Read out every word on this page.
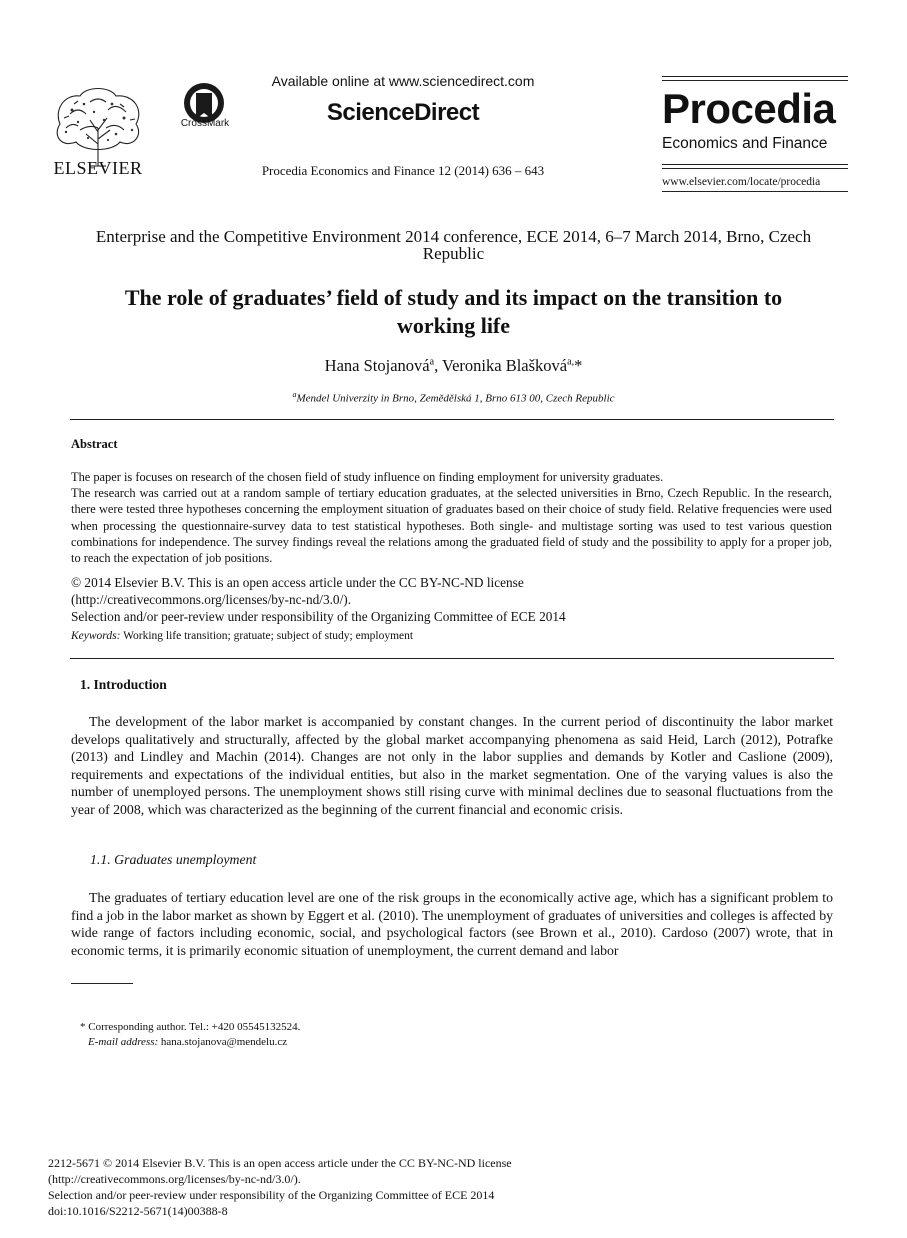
ELSEVIER
CrossMark
Available online at www.sciencedirect.com
ScienceDirect
Procedia Economics and Finance 12 (2014) 636 – 643
Procedia
Economics and Finance
www.elsevier.com/locate/procedia
Enterprise and the Competitive Environment 2014 conference, ECE 2014, 6–7 March 2014, Brno, Czech
Republic
The role of graduates’ field of study and its impact on the transition to
working life
Hana Stojanová$^a$, Veronika Blašková$^{a,}$*
$^a$Mendel Univerzity in Brno, Zemědělská 1, Brno 613 00, Czech Republic
Abstract

The paper is focuses on research of the chosen field of study influence on finding employment for university graduates.

The research was carried out at a random sample of tertiary education graduates, at the selected universities in Brno, Czech Republic. In the research, there were tested three hypotheses concerning the employment situation of graduates based on their choice of study field. Relative frequencies were used when processing the questionnaire-survey data to test statistical hypotheses. Both single- and multistage sorting was used to test various question combinations for independence. The survey findings reveal the relations among the graduated field of study and the possibility to apply for a proper job, to reach the expectation of job positions.

© 2014 Elsevier B.V. This is an open access article under the CC BY-NC-ND license

(http://creativecommons.org/licenses/by-nc-nd/3.0/).

Selection and/or peer-review under responsibility of the Organizing Committee of ECE 2014

Keywords: Working life transition; gratuate; subject of study; employment
1. Introduction
The development of the labor market is accompanied by constant changes. In the current period of discontinuity the labor market develops qualitatively and structurally, affected by the global market accompanying phenomena as said Heid, Larch (2012), Potrafke (2013) and Lindley and Machin (2014). Changes are not only in the labor supplies and demands by Kotler and Caslione (2009), requirements and expectations of the individual entities, but also in the market segmentation. One of the varying values is also the number of unemployed persons. The unemployment shows still rising curve with minimal declines due to seasonal fluctuations from the year of 2008, which was characterized as the beginning of the current financial and economic crisis.
1.1. Graduates unemployment
The graduates of tertiary education level are one of the risk groups in the economically active age, which has a significant problem to find a job in the labor market as shown by Eggert et al. (2010). The unemployment of graduates of universities and colleges is affected by wide range of factors including economic, social, and psychological factors (see Brown et al., 2010). Cardoso (2007) wrote, that in economic terms, it is primarily economic situation of unemployment, the current demand and labor
* Corresponding author. Tel.: +420 05545132524.
E-mail address: hana.stojanova@mendelu.cz

2212-5671 © 2014 Elsevier B.V. This is an open access article under the CC BY-NC-ND license

(http://creativecommons.org/licenses/by-nc-nd/3.0/).

Selection and/or peer-review under responsibility of the Organizing Committee of ECE 2014

doi:10.1016/S2212-5671(14)00388-8
